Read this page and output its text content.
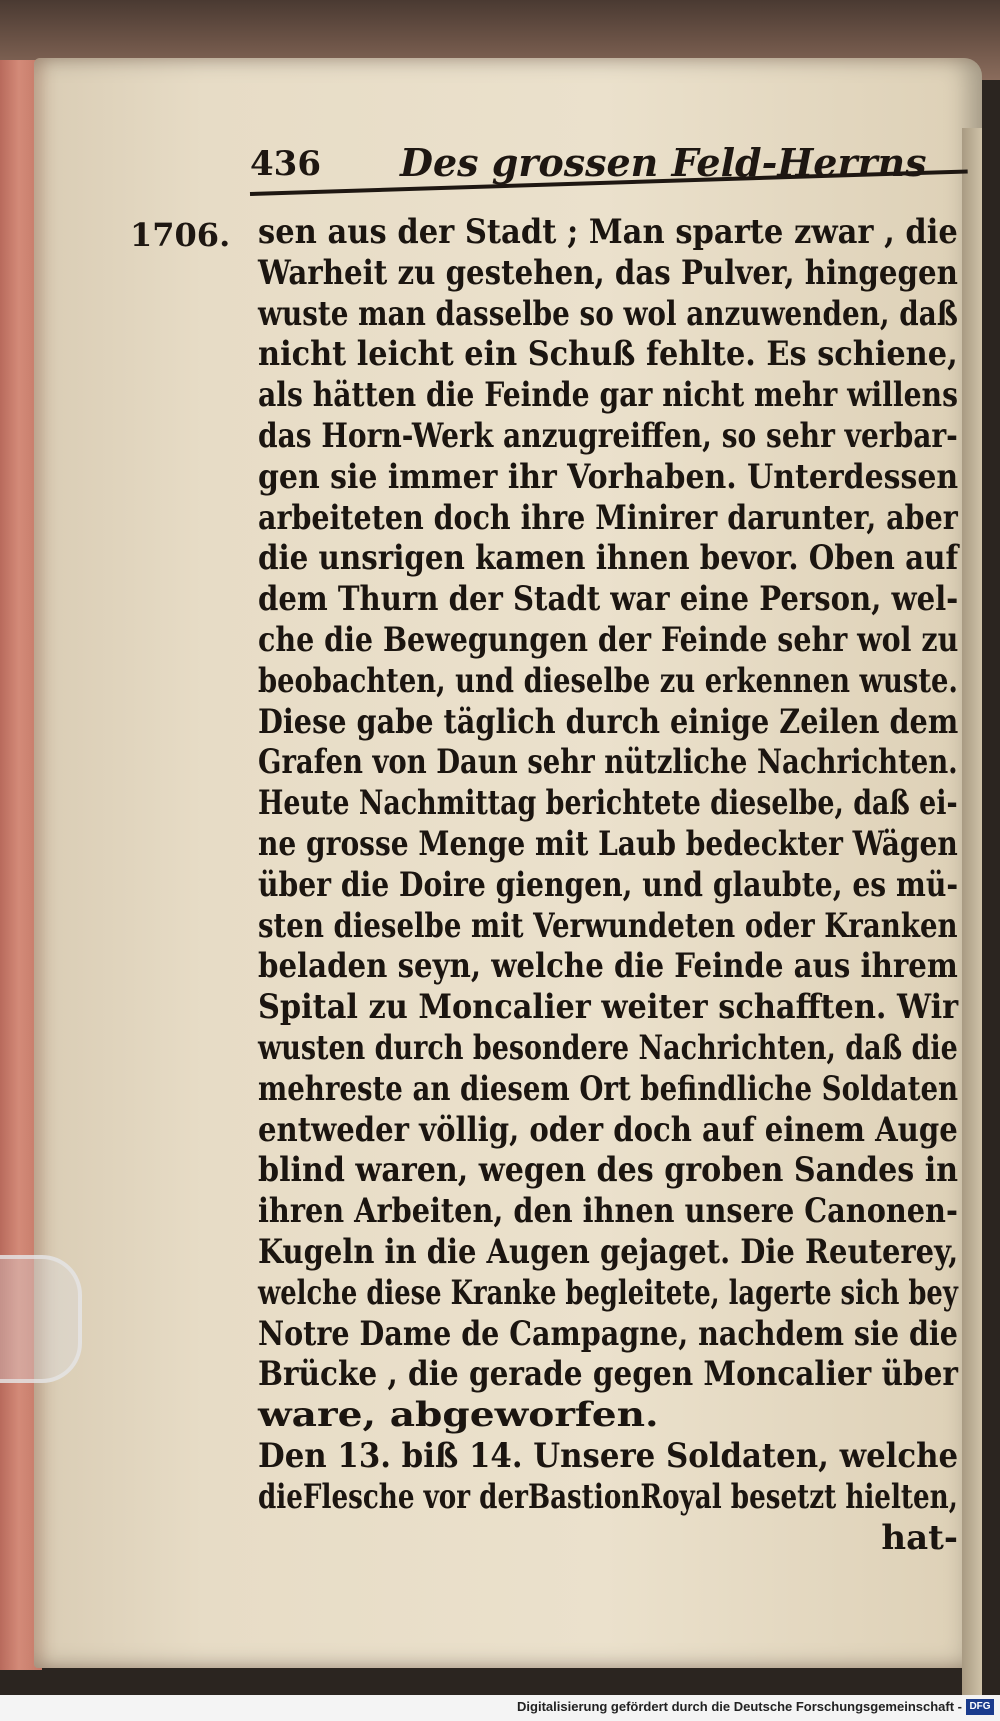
436 Des grossen Feld-Herrns
1706. sen aus der Stadt ; Man sparte zwar , die
Warheit zu gestehen, das Pulver, hingegen
wuste man dasselbe so wol anzuwenden, daß
nicht leicht ein Schuß fehlte. Es schiene,
als hätten die Feinde gar nicht mehr willens
das Horn-Werk anzugreiffen, so sehr verbar-
gen sie immer ihr Vorhaben. Unterdessen
arbeiteten doch ihre Minirer darunter, aber
die unsrigen kamen ihnen bevor. Oben auf
dem Thurn der Stadt war eine Person, wel-
che die Bewegungen der Feinde sehr wol zu
beobachten, und dieselbe zu erkennen wuste.
Diese gabe täglich durch einige Zeilen dem
Grafen von Daun sehr nützliche Nachrichten.
Heute Nachmittag berichtete dieselbe, daß ei-
ne grosse Menge mit Laub bedeckter Wägen
über die Doire giengen, und glaubte, es mü-
sten dieselbe mit Verwundeten oder Kranken
beladen seyn, welche die Feinde aus ihrem
Spital zu Moncalier weiter schafften. Wir
wusten durch besondere Nachrichten, daß die
mehreste an diesem Ort befindliche Soldaten
entweder völlig, oder doch auf einem Auge
blind waren, wegen des groben Sandes in
ihren Arbeiten, den ihnen unsere Canonen-
Kugeln in die Augen gejaget. Die Reuterey,
welche diese Kranke begleitete, lagerte sich bey
Notre Dame de Campagne, nachdem sie die
Brücke , die gerade gegen Moncalier über
ware, abgeworfen.
Den 13. biß 14. Unsere Soldaten, welche
dieFlesche vor derBastionRoyal besetzt hielten,
hat-
Digitalisierung gefördert durch die Deutsche Forschungsgemeinschaft - DFG
